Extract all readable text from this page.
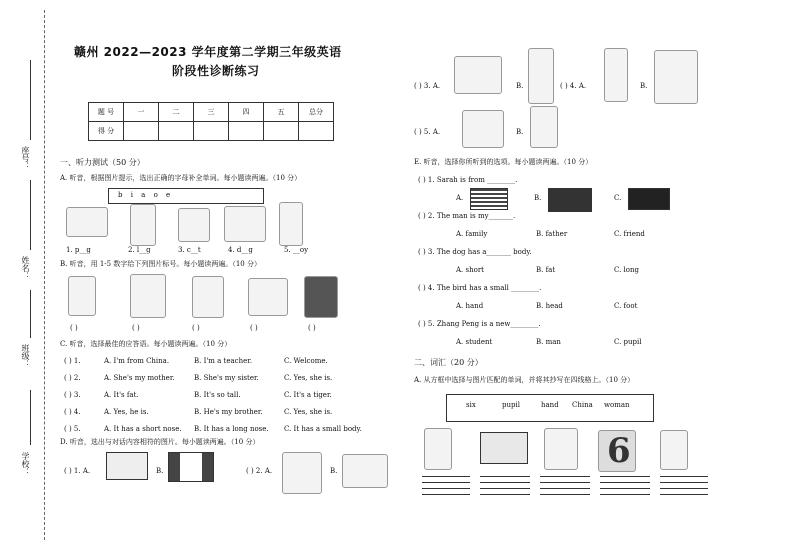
座号：
姓名：
班级：
学校：
赣州 2022—2023 学年度第二学期三年级英语
阶段性诊断练习
题 号	一	二	三	四	五	总分
得 分						
一、听力测试（50 分）
A. 听音，根据图片提示，选出正确的字母补全单词。每小题读两遍。（10 分）
b i a o e
1. p__g	2. l__g	3. c__t	4. d__g	5. __oy
B. 听音，用 1-5 数字给下列图片标号。每小题读两遍。（10 分）
( )	( )	( )	( )	( )
C. 听音，选择最佳的应答语。每小题读两遍。（10 分）
( ) 1.	A. I'm from China.	B. I'm a teacher.	C. Welcome.
( ) 2.	A. She's my mother.	B. She's my sister.	C. Yes, she is.
( ) 3.	A. It's fat.	B. It's so tall.	C. It's a tiger.
( ) 4.	A. Yes, he is.	B. He's my brother.	C. Yes, she is.
( ) 5.	A. It has a short nose. B. It has a long nose. C. It has a small body.
D. 听音，选出与对话内容相符的图片。每小题读两遍。（10 分）
( ) 1. A.	B.	( ) 2. A.	B.
( ) 3. A.	B.	( ) 4. A.	B.
( ) 5. A.	B.
E. 听音，选择你所听到的选项。每小题读两遍。（10 分）
( ) 1. Sarah is from ________.
A.	B.	C.
( ) 2. The man is my_______.
A. family	B. father	C. friend
( ) 3. The dog has a_______ body.
A. short	B. fat	C. long
( ) 4. The bird has a small ________.
A. hand	B. head	C. foot
( ) 5. Zhang Peng is a new________.
A. student	B. man	C. pupil
二、词汇（20 分）
A. 从方框中选择与图片匹配的单词，并将其抄写在四线格上。（10 分）
six	pupil	hand China woman
6
